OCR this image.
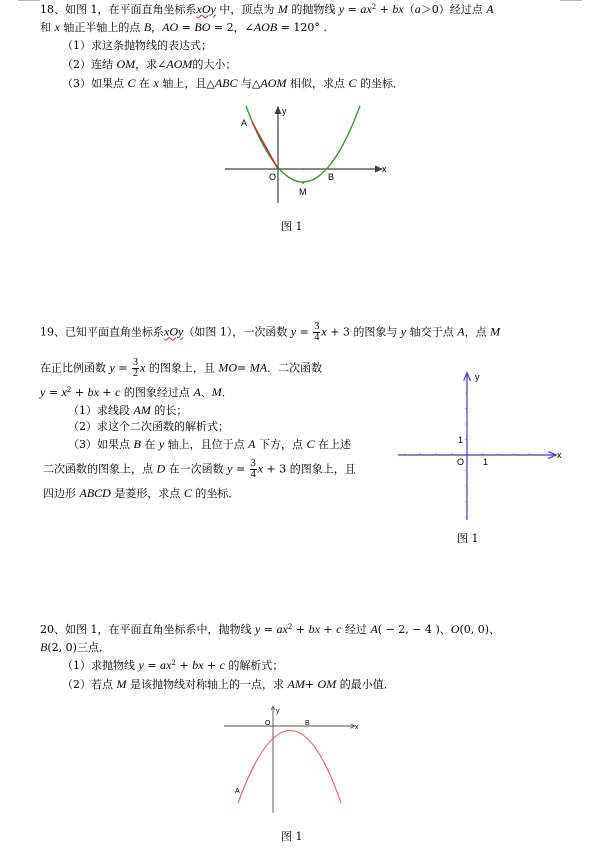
18、如图 1，在平面直角坐标系xOy 中，顶点为 M 的抛物线 $y = ax^2 + bx(a>0)$经过点 A
和 x 轴正半轴上的点 B，AO = BO = 2，∠AOB = 120° .
（1）求这条抛物线的表达式；
（2）连结 OM，求∠AOM的大小；
（3）如果点 C 在 x 轴上，且△ABC 与△AOM 相似，求点 C 的坐标．
A
y
x
O	B
M
图 1
19、已知平面直角坐标系xOy（如图 1），一次函数 $y = \frac{3}{4}$ x + 3 的图象与 y 轴交于点 A，点 M
在正比例函数 $y = \frac{3}{2}$ x 的图象上，且 MO= MA．二次函数
$y = x^2$ + bx + c 的图象经过点 A、M．
（1）求线段 AM 的长；
（2）求这个二次函数的解析式；
（3）如果点 B 在 y 轴上，且位于点 A 下方，点 C 在上述
二次函数的图象上，点 D 在一次函数 $y = \frac{3}{4}$ x + 3 的图象上，且
四边形 ABCD 是菱形，求点 C 的坐标．
y
x
O 1
1
图 1
20、如图 1，在平面直角坐标系中，抛物线 $y = ax^2$ + bx + c 经过 A( − 2, − 4 )、O(0, 0)、
B(2, 0)三点．
（1）求抛物线 $y = ax^2$ + bx + c 的解析式；
（2）若点 M 是该抛物线对称轴上的一点，求 AM+ OM 的最小值．
y
x
O	B
A
图 1
